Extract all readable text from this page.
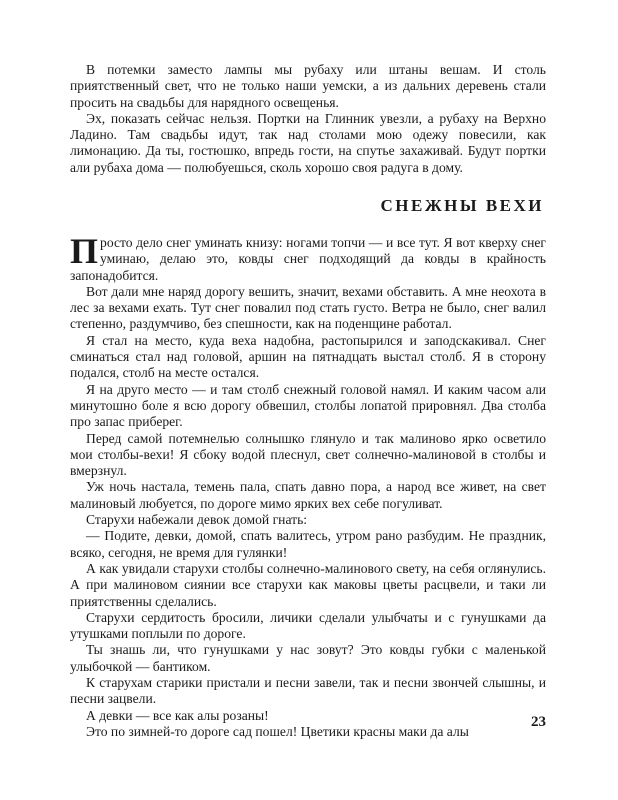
В потемки заместо лампы мы рубаху или штаны вешам. И столь приятственный свет, что не только наши уемски, а из дальних деревень стали просить на свадьбы для нарядного освещенья.

Эх, показать сейчас нельзя. Портки на Глинник увезли, а рубаху на Верхно Ладино. Там свадьбы идут, так над столами мою одежу повесили, как лимонацию. Да ты, гостюшко, впредь гости, на спутье захаживай. Будут портки али рубаха дома — полюбуешься, сколь хорошо своя радуга в дому.

СНЕЖНЫ ВЕХИ

Просто дело снег уминать книзу: ногами топчи — и все тут. Я вот кверху снег уминаю, делаю это, ковды снег подходящий да ковды в крайность запонадобится.

Вот дали мне наряд дорогу вешить, значит, вехами обставить. А мне неохота в лес за вехами ехать. Тут снег повалил под стать густо. Ветра не было, снег валил степенно, раздумчиво, без спешности, как на поденщине работал.

Я стал на место, куда веха надобна, растопырился и заподскакивал. Снег сминаться стал над головой, аршин на пятнадцать выстал столб. Я в сторону подался, столб на месте остался.

Я на друго место — и там столб снежный головой намял. И каким часом али минутошно боле я всю дорогу обвешил, столбы лопатой прировнял. Два столба про запас приберег.

Перед самой потемнелью солнышко глянуло и так малиново ярко осветило мои столбы-вехи! Я сбоку водой плеснул, свет солнечно-малиновой в столбы и вмерзнул.

Уж ночь настала, темень пала, спать давно пора, а народ все живет, на свет малиновый любуется, по дороге мимо ярких вех себе погуливат.

Старухи набежали девок домой гнать:

— Подите, девки, домой, спать валитесь, утром рано разбудим. Не праздник, всяко, сегодня, не время для гулянки!

А как увидали старухи столбы солнечно-малинового свету, на себя оглянулись. А при малиновом сиянии все старухи как маковы цветы расцвели, и таки ли приятственны сделались.

Старухи сердитость бросили, личики сделали улыбчаты и с гунушками да утушками поплыли по дороге.

Ты знашь ли, что гунушками у нас зовут? Это ковды губки с маленькой улыбочкой — бантиком.

К старухам старики пристали и песни завели, так и песни звончей слышны, и песни зацвели.

А девки — все как алы розаны!

Это по зимней-то дороге сад пошел! Цветики красны маки да алы

23
